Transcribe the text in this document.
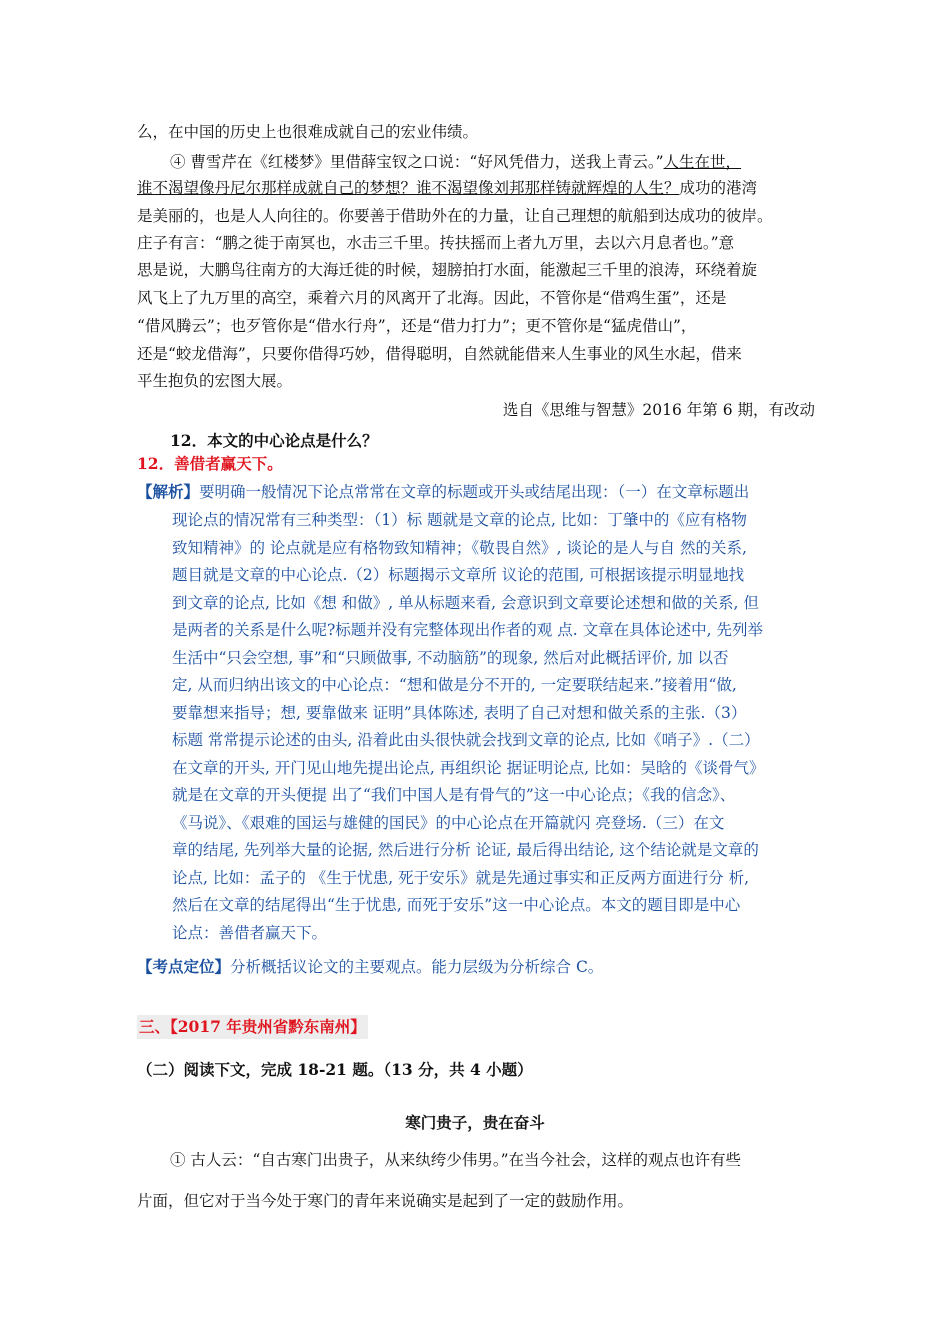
么，在中国的历史上也很难成就自己的宏业伟绩。
④ 曹雪芹在《红楼梦》里借薛宝钗之口说：“好风凭借力，送我上青云。”人生在世，
谁不渴望像丹尼尔那样成就自己的梦想？谁不渴望像刘邦那样铸就辉煌的人生？成功的港湾
是美丽的，也是人人向往的。你要善于借助外在的力量，让自己理想的航船到达成功的彼岸。
庄子有言：“鹏之徙于南冥也，水击三千里。抟扶摇而上者九万里，去以六月息者也。”意
思是说，大鹏鸟往南方的大海迁徙的时候，翅膀拍打水面，能激起三千里的浪涛，环绕着旋
风飞上了九万里的高空，乘着六月的风离开了北海。因此，不管你是“借鸡生蛋”，还是
“借风腾云”；也歹管你是“借水行舟”，还是“借力打力”；更不管你是“猛虎借山”，
还是“蛟龙借海”，只要你借得巧妙，借得聪明，自然就能借来人生事业的风生水起，借来
平生抱负的宏图大展。
选自《思维与智慧》2016 年第 6 期，有改动
12．本文的中心论点是什么？
12．善借者赢天下。
【解析】要明确一般情况下论点常常在文章的标题或开头或结尾出现：（一）在文章标题出
现论点的情况常有三种类型：（1）标 题就是文章的论点, 比如：丁肇中的《应有格物
致知精神》的 论点就是应有格物致知精神；《敬畏自然》, 谈论的是人与自 然的关系,
题目就是文章的中心论点.（2）标题揭示文章所 议论的范围, 可根据该提示明显地找
到文章的论点, 比如《想 和做》, 单从标题来看, 会意识到文章要论述想和做的关系, 但
是两者的关系是什么呢?标题并没有完整体现出作者的观 点. 文章在具体论述中, 先列举
生活中“只会空想, 事”和“只顾做事, 不动脑筋”的现象, 然后对此概括评价, 加 以否
定, 从而归纳出该文的中心论点：“想和做是分不开的, 一定要联结起来.”接着用“做,
要靠想来指导；想, 要靠做来 证明”具体陈述, 表明了自己对想和做关系的主张.（3）
标题 常常提示论述的由头, 沿着此由头很快就会找到文章的论点, 比如《哨子》.（二）
在文章的开头, 开门见山地先提出论点, 再组织论 据证明论点, 比如：吴晗的《谈骨气》
就是在文章的开头便提 出了“我们中国人是有骨气的”这一中心论点；《我的信念》、
《马说》、《艰难的国运与雄健的国民》的中心论点在开篇就闪 亮登场.（三）在文
章的结尾, 先列举大量的论据, 然后进行分析 论证, 最后得出结论, 这个结论就是文章的
论点, 比如：孟子的 《生于忧患, 死于安乐》就是先通过事实和正反两方面进行分 析,
然后在文章的结尾得出“生于忧患, 而死于安乐”这一中心论点。本文的题目即是中心
论点：善借者赢天下。
【考点定位】分析概括议论文的主要观点。能力层级为分析综合 C。
三、【2017 年贵州省黔东南州】
（二）阅读下文，完成 18-21 题。（13 分，共 4 小题）
寒门贵子，贵在奋斗
① 古人云：“自古寒门出贵子，从来纨绔少伟男。”在当今社会，这样的观点也许有些
片面，但它对于当今处于寒门的青年来说确实是起到了一定的鼓励作用。
